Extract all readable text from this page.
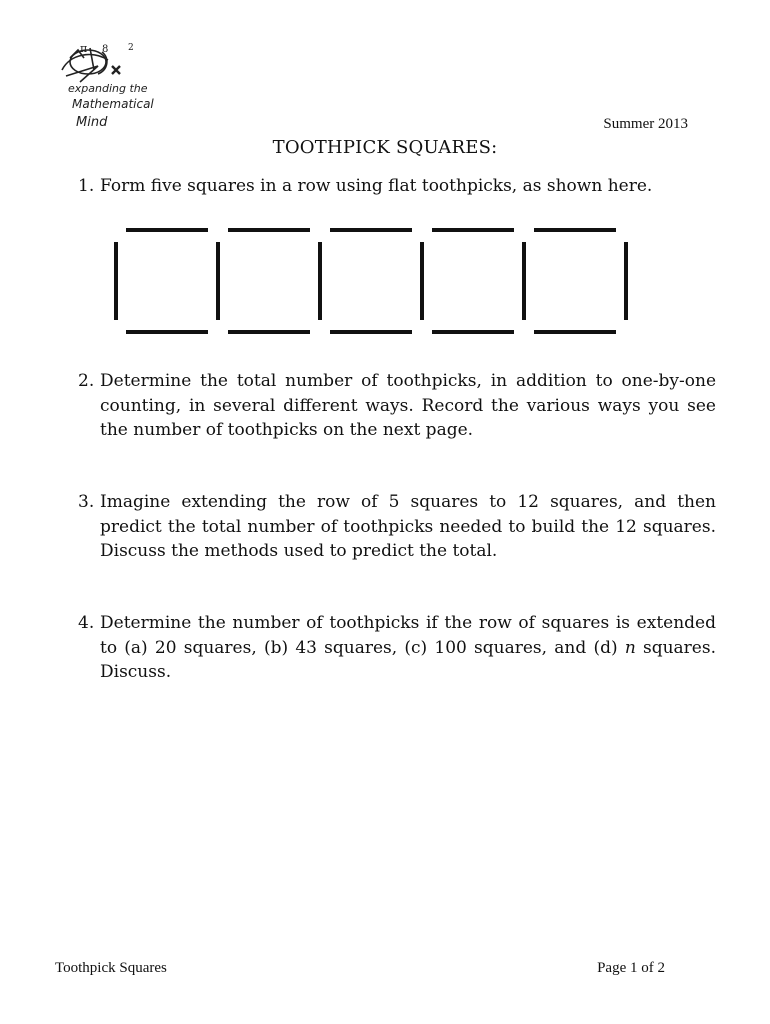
π 8 2
expanding the
Mathematical
Mind	Summer 2013
TOOTHPICK SQUARES:
1. Form five squares in a row using flat toothpicks, as shown here.
2. Determine the total number of toothpicks, in addition to one-by-one counting, in several different ways. Record the various ways you see the number of toothpicks on the next page.
3. Imagine extending the row of 5 squares to 12 squares, and then predict the total number of toothpicks needed to build the 12 squares. Discuss the methods used to predict the total.
4. Determine the number of toothpicks if the row of squares is extended to (a) 20 squares, (b) 43 squares, (c) 100 squares, and (d) n squares. Discuss.
Toothpick Squares	Page 1 of 2
